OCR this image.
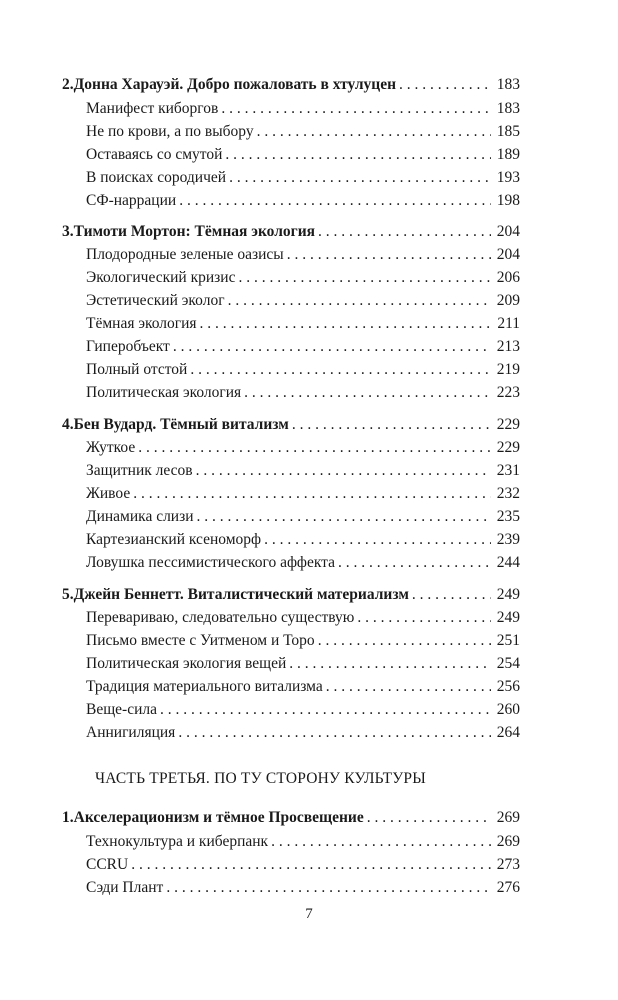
2. Донна Харауэй. Добро пожаловать в хтулуцен . . .	183
Манифест киборгов . . .	183
Не по крови, а по выбору . . .	185
Оставаясь со смутой . . .	189
В поисках сородичей . . .	193
СФ-наррации . . .	198
3. Тимоти Мортон: Тёмная экология . . .	204
Плодородные зеленые оазисы . . .	204
Экологический кризис . . .	206
Эстетический эколог . . .	209
Тёмная экология . . .	211
Гиперобъект . . .	213
Полный отстой . . .	219
Политическая экология . . .	223
4. Бен Вудард. Тёмный витализм . . .	229
Жуткое . . .	229
Защитник лесов . . .	231
Живое . . .	232
Динамика слизи . . .	235
Картезианский ксеноморф . . .	239
Ловушка пессимистического аффекта . . .	244
5. Джейн Беннетт. Виталистический материализм . . .	249
Перевариваю, следовательно существую . . .	249
Письмо вместе с Уитменом и Торо . . .	251
Политическая экология вещей . . .	254
Традиция материального витализма . . .	256
Веще-сила . . .	260
Аннигиляция . . .	264
ЧАСТЬ ТРЕТЬЯ. ПО ТУ СТОРОНУ КУЛЬТУРЫ
1. Акселерационизм и тёмное Просвещение . . .	269
Технокультура и киберпанк . . .	269
CCRU . . .	273
Сэди Плант . . .	276
7
